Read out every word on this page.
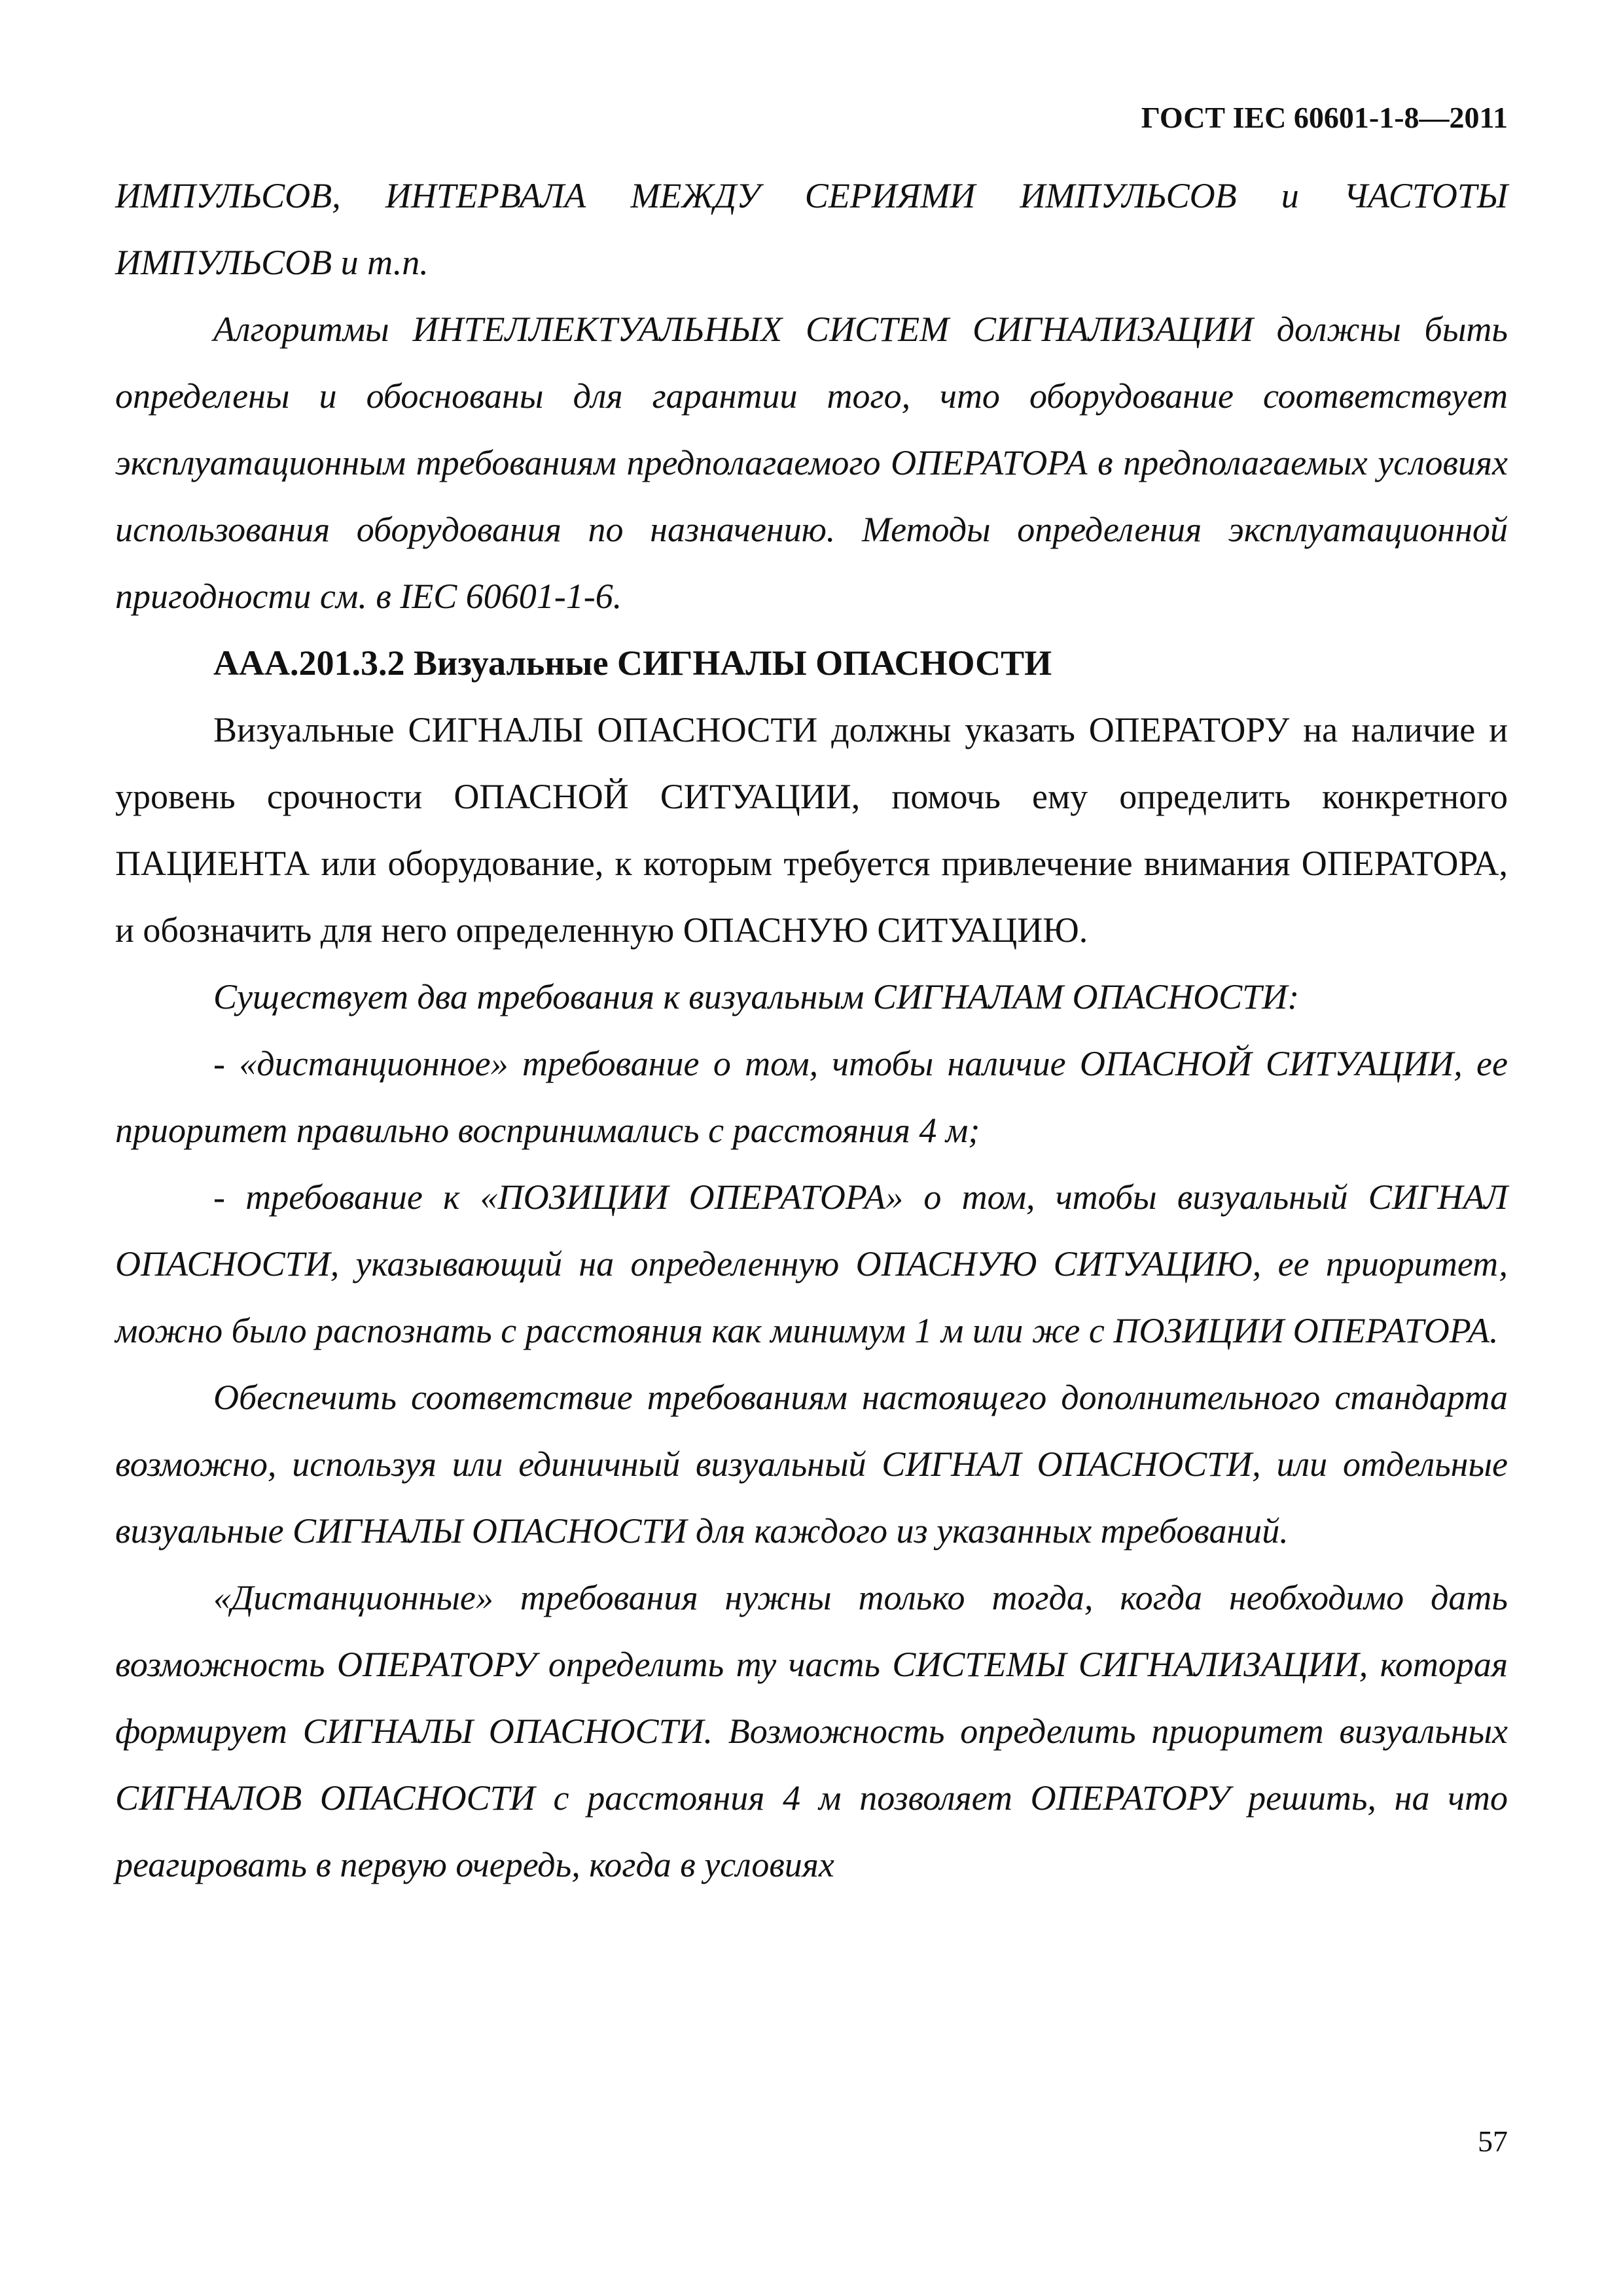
ГОСТ IEC 60601-1-8—2011

ИМПУЛЬСОВ, ИНТЕРВАЛА МЕЖДУ СЕРИЯМИ ИМПУЛЬСОВ и ЧАСТОТЫ ИМПУЛЬСОВ и т.п.

Алгоритмы ИНТЕЛЛЕКТУАЛЬНЫХ СИСТЕМ СИГНАЛИЗАЦИИ должны быть определены и обоснованы для гарантии того, что оборудование соответствует эксплуатационным требованиям предполагаемого ОПЕРАТОРА в предполагаемых условиях использования оборудования по назначению. Методы определения эксплуатационной пригодности см. в IEC 60601-1-6.

ААА.201.3.2 Визуальные СИГНАЛЫ ОПАСНОСТИ

Визуальные СИГНАЛЫ ОПАСНОСТИ должны указать ОПЕРАТОРУ на наличие и уровень срочности ОПАСНОЙ СИТУАЦИИ, помочь ему определить конкретного ПАЦИЕНТА или оборудование, к которым требуется привлечение внимания ОПЕРАТОРА, и обозначить для него определенную ОПАСНУЮ СИТУАЦИЮ.

Существует два требования к визуальным СИГНАЛАМ ОПАСНОСТИ:

- «дистанционное» требование о том, чтобы наличие ОПАСНОЙ СИТУАЦИИ, ее приоритет правильно воспринимались с расстояния 4 м;

- требование к «ПОЗИЦИИ ОПЕРАТОРА» о том, чтобы визуальный СИГНАЛ ОПАСНОСТИ, указывающий на определенную ОПАСНУЮ СИТУАЦИЮ, ее приоритет, можно было распознать с расстояния как минимум 1 м или же с ПОЗИЦИИ ОПЕРАТОРА.

Обеспечить соответствие требованиям настоящего дополнительного стандарта возможно, используя или единичный визуальный СИГНАЛ ОПАСНОСТИ, или отдельные визуальные СИГНАЛЫ ОПАСНОСТИ для каждого из указанных требований.

«Дистанционные» требования нужны только тогда, когда необходимо дать возможность ОПЕРАТОРУ определить ту часть СИСТЕМЫ СИГНАЛИЗАЦИИ, которая формирует СИГНАЛЫ ОПАСНОСТИ. Возможность определить приоритет визуальных СИГНАЛОВ ОПАСНОСТИ с расстояния 4 м позволяет ОПЕРАТОРУ решить, на что реагировать в первую очередь, когда в условиях

57
